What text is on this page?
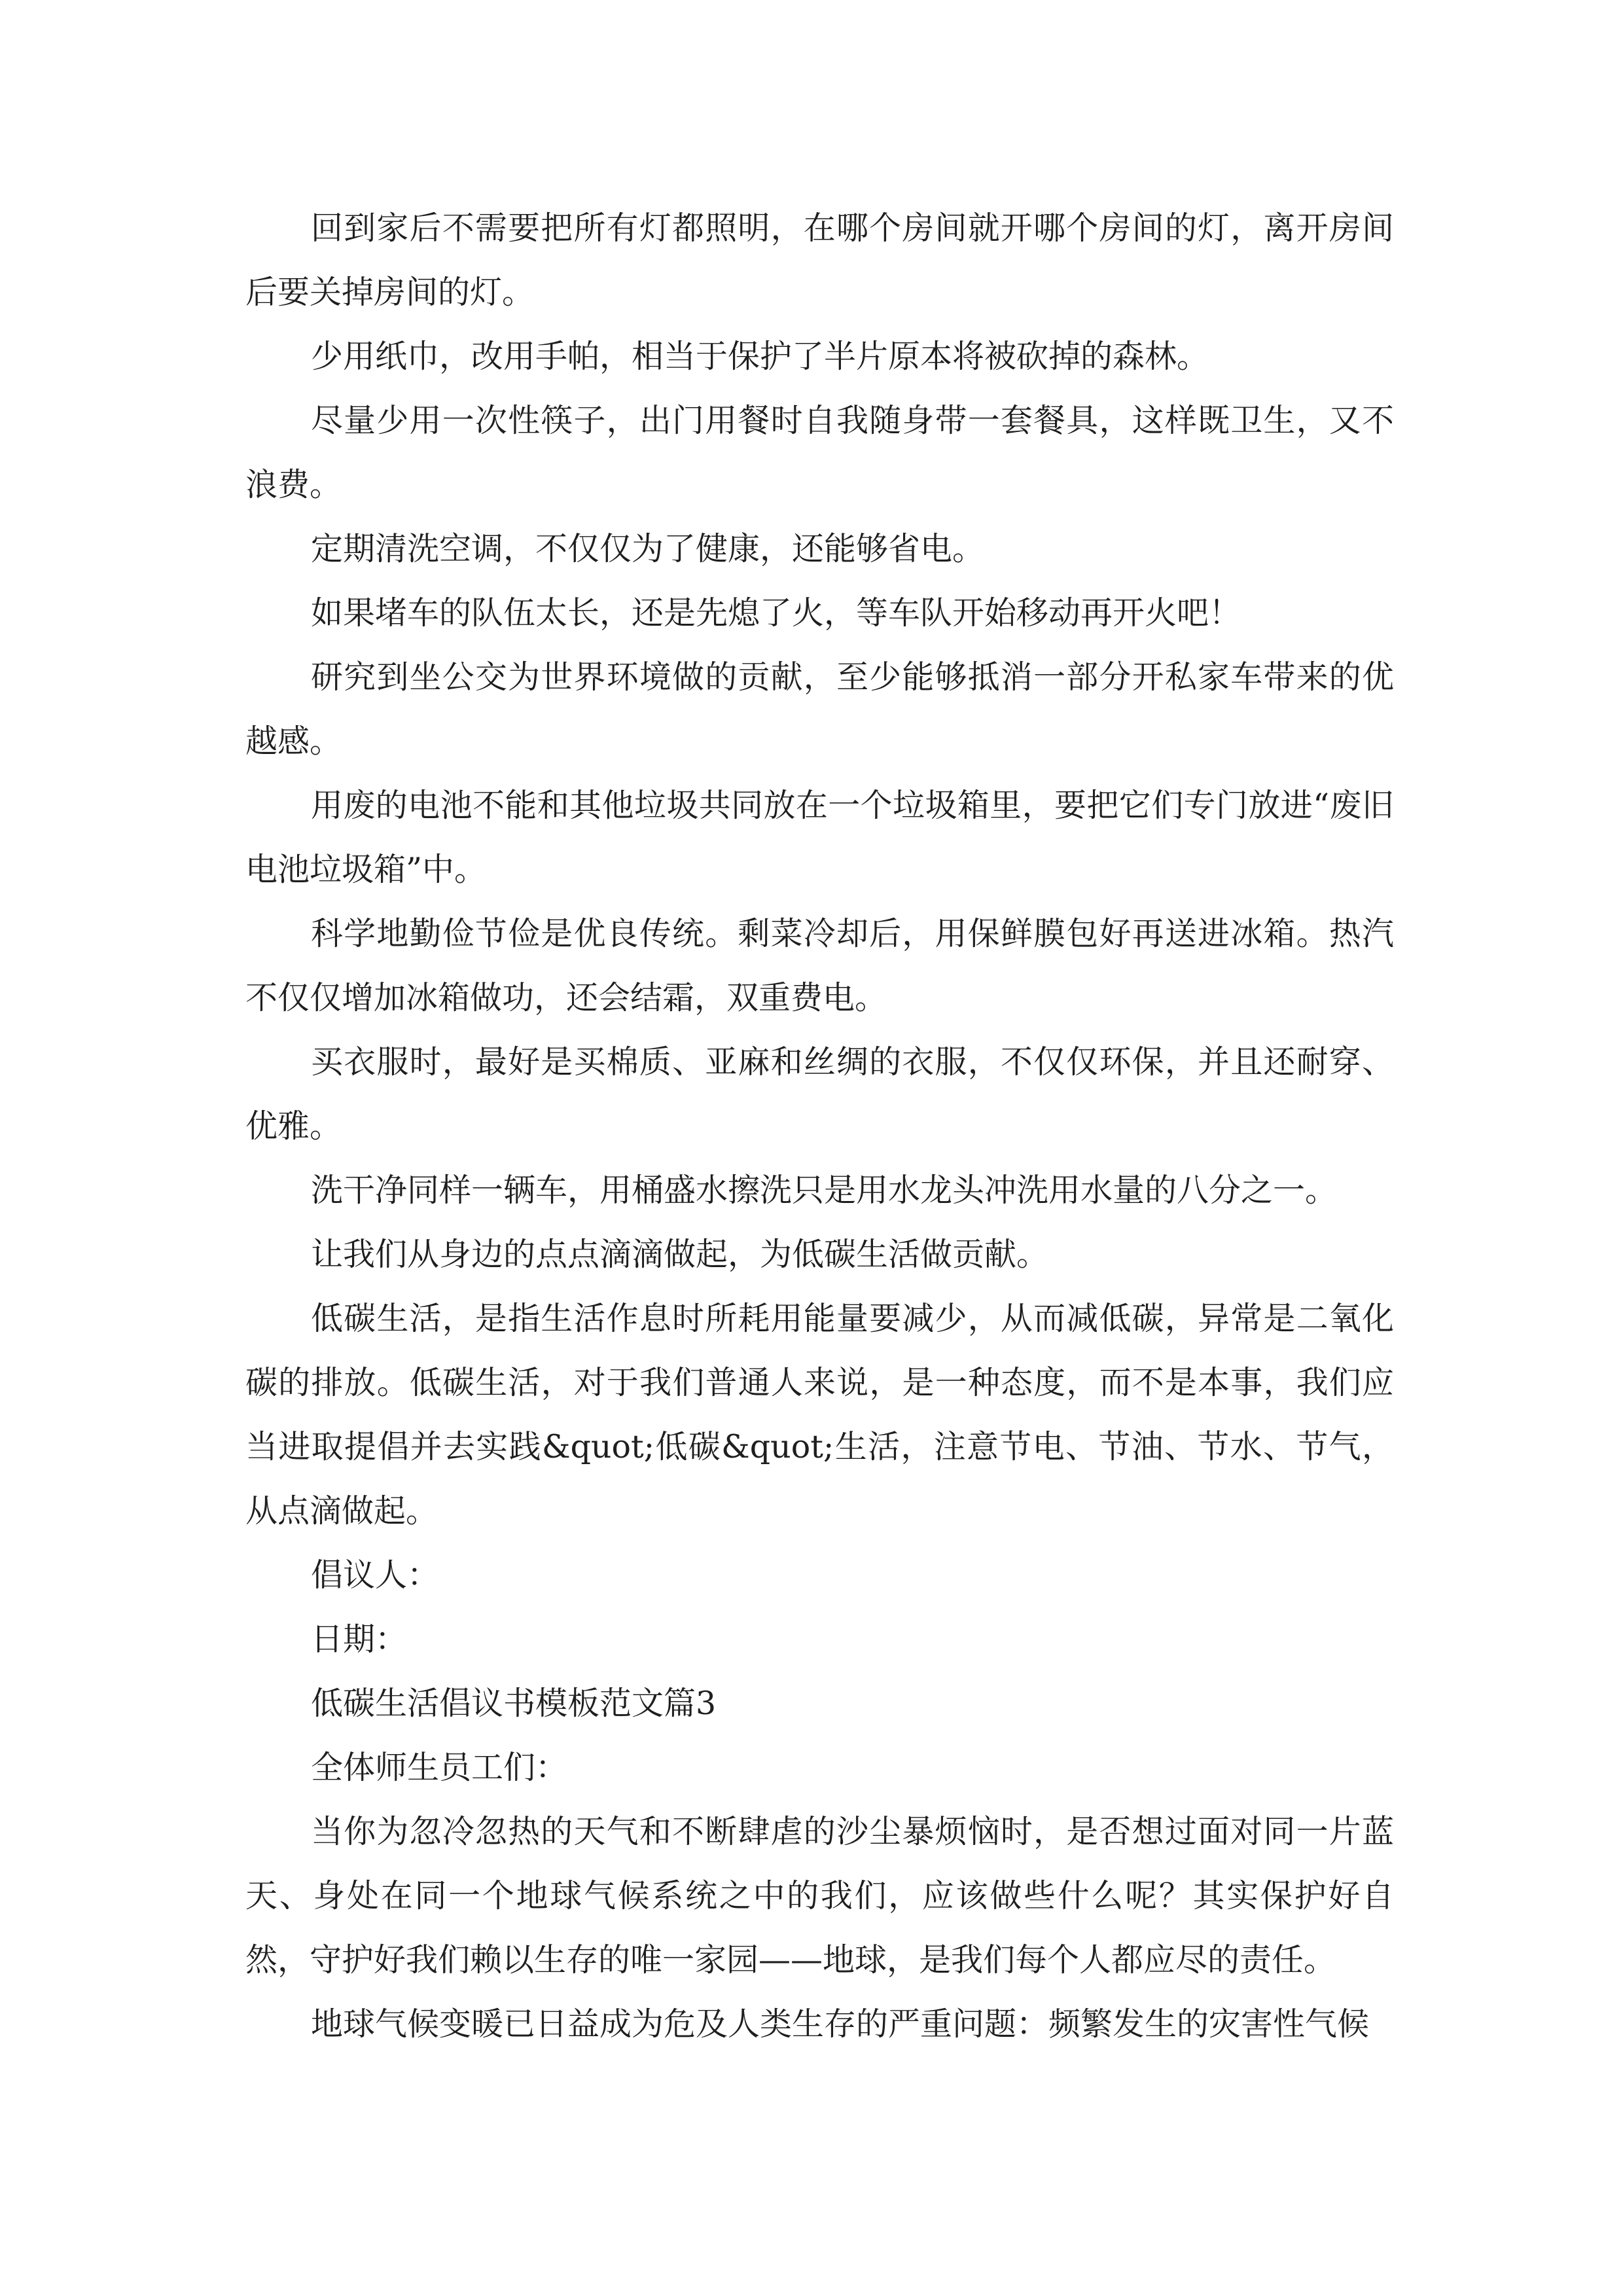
回到家后不需要把所有灯都照明，在哪个房间就开哪个房间的灯，离开房间后要关掉房间的灯。

少用纸巾，改用手帕，相当于保护了半片原本将被砍掉的森林。

尽量少用一次性筷子，出门用餐时自我随身带一套餐具，这样既卫生，又不浪费。

定期清洗空调，不仅仅为了健康，还能够省电。

如果堵车的队伍太长，还是先熄了火，等车队开始移动再开火吧！

研究到坐公交为世界环境做的贡献，至少能够抵消一部分开私家车带来的优越感。

用废的电池不能和其他垃圾共同放在一个垃圾箱里，要把它们专门放进“废旧电池垃圾箱”中。

科学地勤俭节俭是优良传统。剩菜冷却后，用保鲜膜包好再送进冰箱。热汽不仅仅增加冰箱做功，还会结霜，双重费电。

买衣服时，最好是买棉质、亚麻和丝绸的衣服，不仅仅环保，并且还耐穿、优雅。

洗干净同样一辆车，用桶盛水擦洗只是用水龙头冲洗用水量的八分之一。

让我们从身边的点点滴滴做起，为低碳生活做贡献。

低碳生活，是指生活作息时所耗用能量要减少，从而减低碳，异常是二氧化碳的排放。低碳生活，对于我们普通人来说，是一种态度，而不是本事，我们应当进取提倡并去实践&quot;低碳&quot;生活，注意节电、节油、节水、节气，从点滴做起。

倡议人：

日期：

低碳生活倡议书模板范文篇3

全体师生员工们：

当你为忽冷忽热的天气和不断肆虐的沙尘暴烦恼时，是否想过面对同一片蓝天、身处在同一个地球气候系统之中的我们，应该做些什么呢？其实保护好自然，守护好我们赖以生存的唯一家园——地球，是我们每个人都应尽的责任。

地球气候变暖已日益成为危及人类生存的严重问题：频繁发生的灾害性气候
